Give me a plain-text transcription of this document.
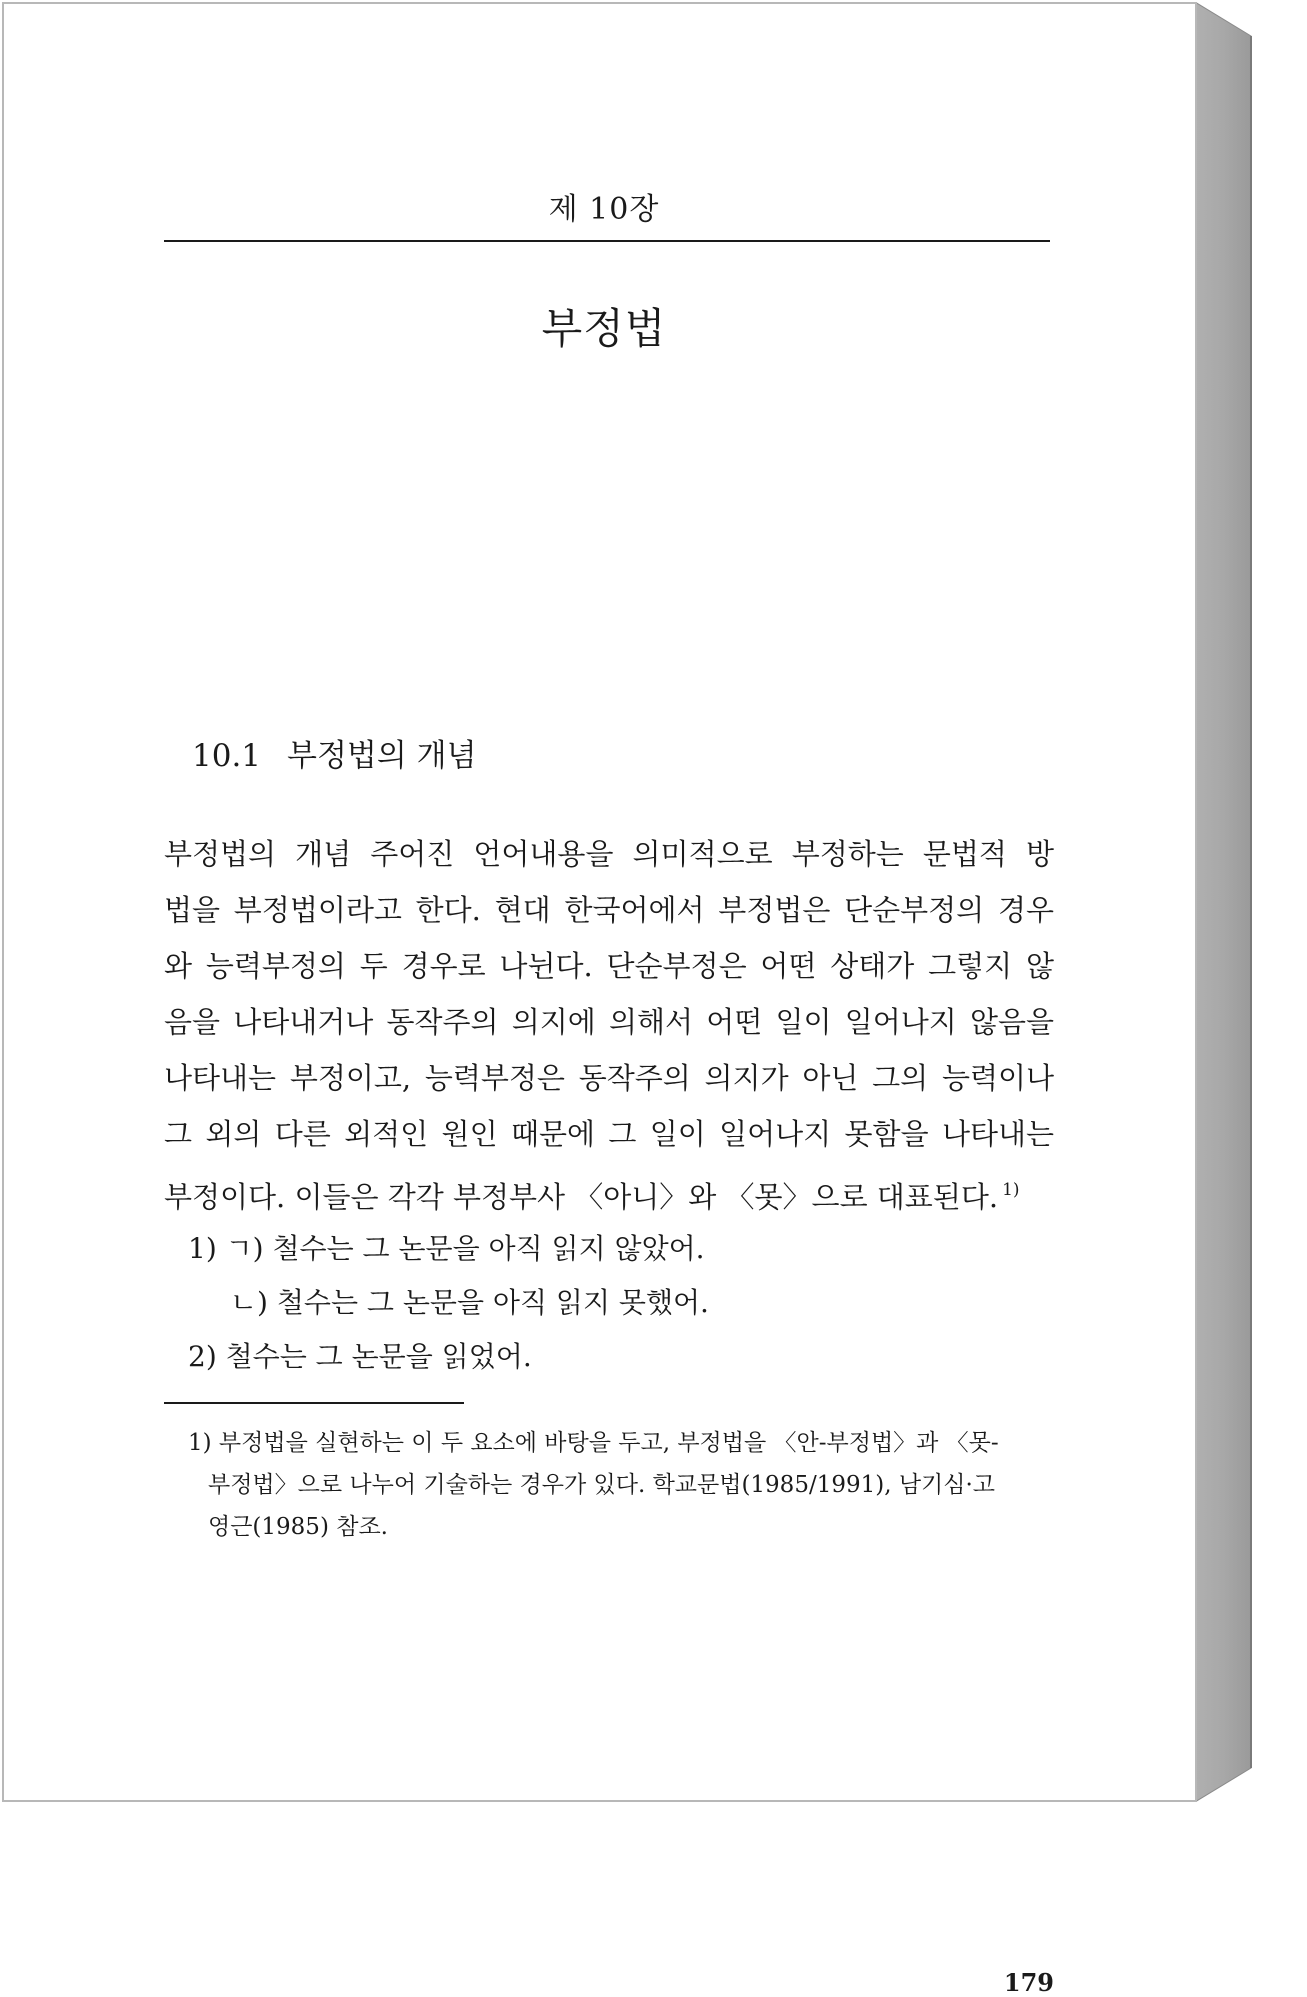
제 10장
부정법
10.1 부정법의 개념
부정법의 개념 주어진 언어내용을 의미적으로 부정하는 문법적 방
법을 부정법이라고 한다. 현대 한국어에서 부정법은 단순부정의 경우
와 능력부정의 두 경우로 나뉜다. 단순부정은 어떤 상태가 그렇지 않
음을 나타내거나 동작주의 의지에 의해서 어떤 일이 일어나지 않음을
나타내는 부정이고, 능력부정은 동작주의 의지가 아닌 그의 능력이나
그 외의 다른 외적인 원인 때문에 그 일이 일어나지 못함을 나타내는
부정이다. 이들은 각각 부정부사 〈아니〉와 〈못〉으로 대표된다. $^{1)}$
1) ㄱ) 철수는 그 논문을 아직 읽지 않았어.
ㄴ) 철수는 그 논문을 아직 읽지 못했어.
2) 철수는 그 논문을 읽었어.
1) 부정법을 실현하는 이 두 요소에 바탕을 두고, 부정법을 〈안-부정법〉과 〈못-
부정법〉으로 나누어 기술하는 경우가 있다. 학교문법(1985/1991), 남기심·고
영근(1985) 참조.
179
